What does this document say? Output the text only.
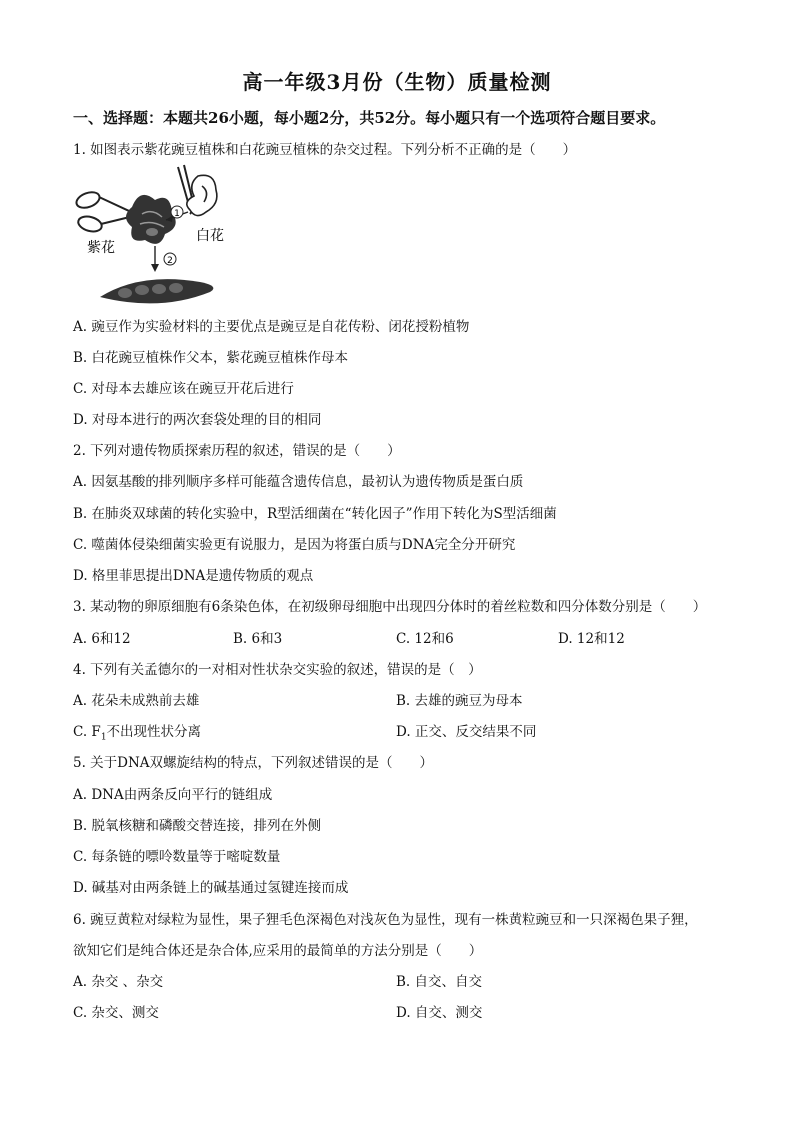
高一年级3月份（生物）质量检测
一、选择题：本题共26小题，每小题2分，共52分。每小题只有一个选项符合题目要求。
1. 如图表示紫花豌豆植株和白花豌豆植株的杂交过程。下列分析不正确的是（　　）
1
2
紫花
白花
A. 豌豆作为实验材料的主要优点是豌豆是自花传粉、闭花授粉植物
B. 白花豌豆植株作父本，紫花豌豆植株作母本
C. 对母本去雄应该在豌豆开花后进行
D. 对母本进行的两次套袋处理的目的相同
2. 下列对遗传物质探索历程的叙述，错误的是（　　）
A. 因氨基酸的排列顺序多样可能蕴含遗传信息，最初认为遗传物质是蛋白质
B. 在肺炎双球菌的转化实验中，R型活细菌在“转化因子”作用下转化为S型活细菌
C. 噬菌体侵染细菌实验更有说服力，是因为将蛋白质与DNA完全分开研究
D. 格里菲思提出DNA是遗传物质的观点
3. 某动物的卵原细胞有6条染色体，在初级卵母细胞中出现四分体时的着丝粒数和四分体数分别是（　　）
A. 6和12	B. 6和3	C. 12和6	D. 12和12
4. 下列有关孟德尔的一对相对性状杂交实验的叙述，错误的是（　）
A. 花朵未成熟前去雄	B. 去雄的豌豆为母本
C. $F_1$不出现性状分离	D. 正交、反交结果不同
5. 关于DNA双螺旋结构的特点，下列叙述错误的是（　　）
A. DNA由两条反向平行的链组成
B. 脱氧核糖和磷酸交替连接，排列在外侧
C. 每条链的嘌呤数量等于嘧啶数量
D. 碱基对由两条链上的碱基通过氢键连接而成
6. 豌豆黄粒对绿粒为显性，果子狸毛色深褐色对浅灰色为显性，现有一株黄粒豌豆和一只深褐色果子狸，
欲知它们是纯合体还是杂合体,应采用的最简单的方法分别是（　　）
A. 杂交 、杂交	B. 自交、自交
C. 杂交、测交	D. 自交、测交
